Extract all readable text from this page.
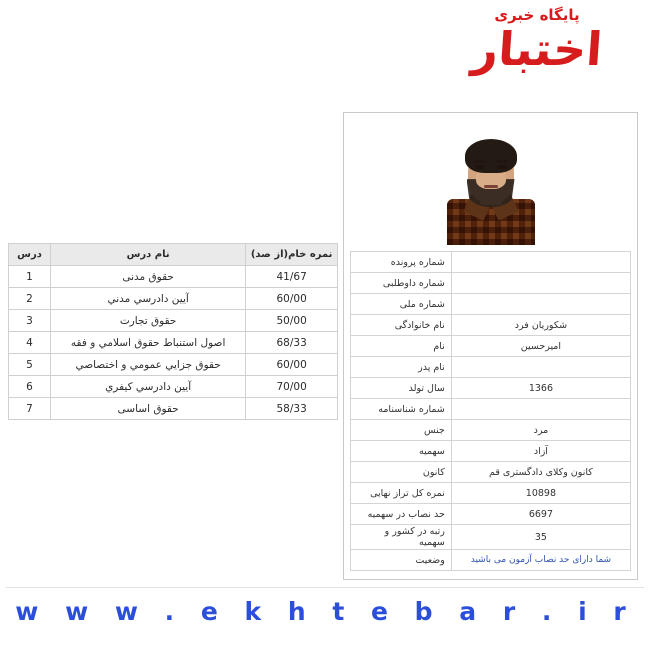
پایگاه خبری
اختبار
	شماره پرونده
	شماره داوطلبی
	شماره ملی
شکوریان فرد	نام خانوادگی
امیرحسین	نام
	نام پدر
1366	سال تولد
	شماره شناسنامه
مرد	جنس
آزاد	سهمیه
کانون وکلای دادگستری قم	کانون
10898	نمره کل تراز نهایی
6697	حد نصاب در سهمیه
35	رتبه در کشور و سهمیه
شما دارای حد نصاب آزمون می باشید	وضعیت
نمره خام(از صد)	نام درس	درس
41/67	حقوق مدنی	1
60/00	آیین دادرسي مدني	2
50/00	حقوق تجارت	3
68/33	اصول استنباط حقوق اسلامي و فقه	4
60/00	حقوق جزایي عمومي و اختصاصي	5
70/00	آیین دادرسي کیفري	6
58/33	حقوق اساسی	7
w w w . e k h t e b a r . i r
